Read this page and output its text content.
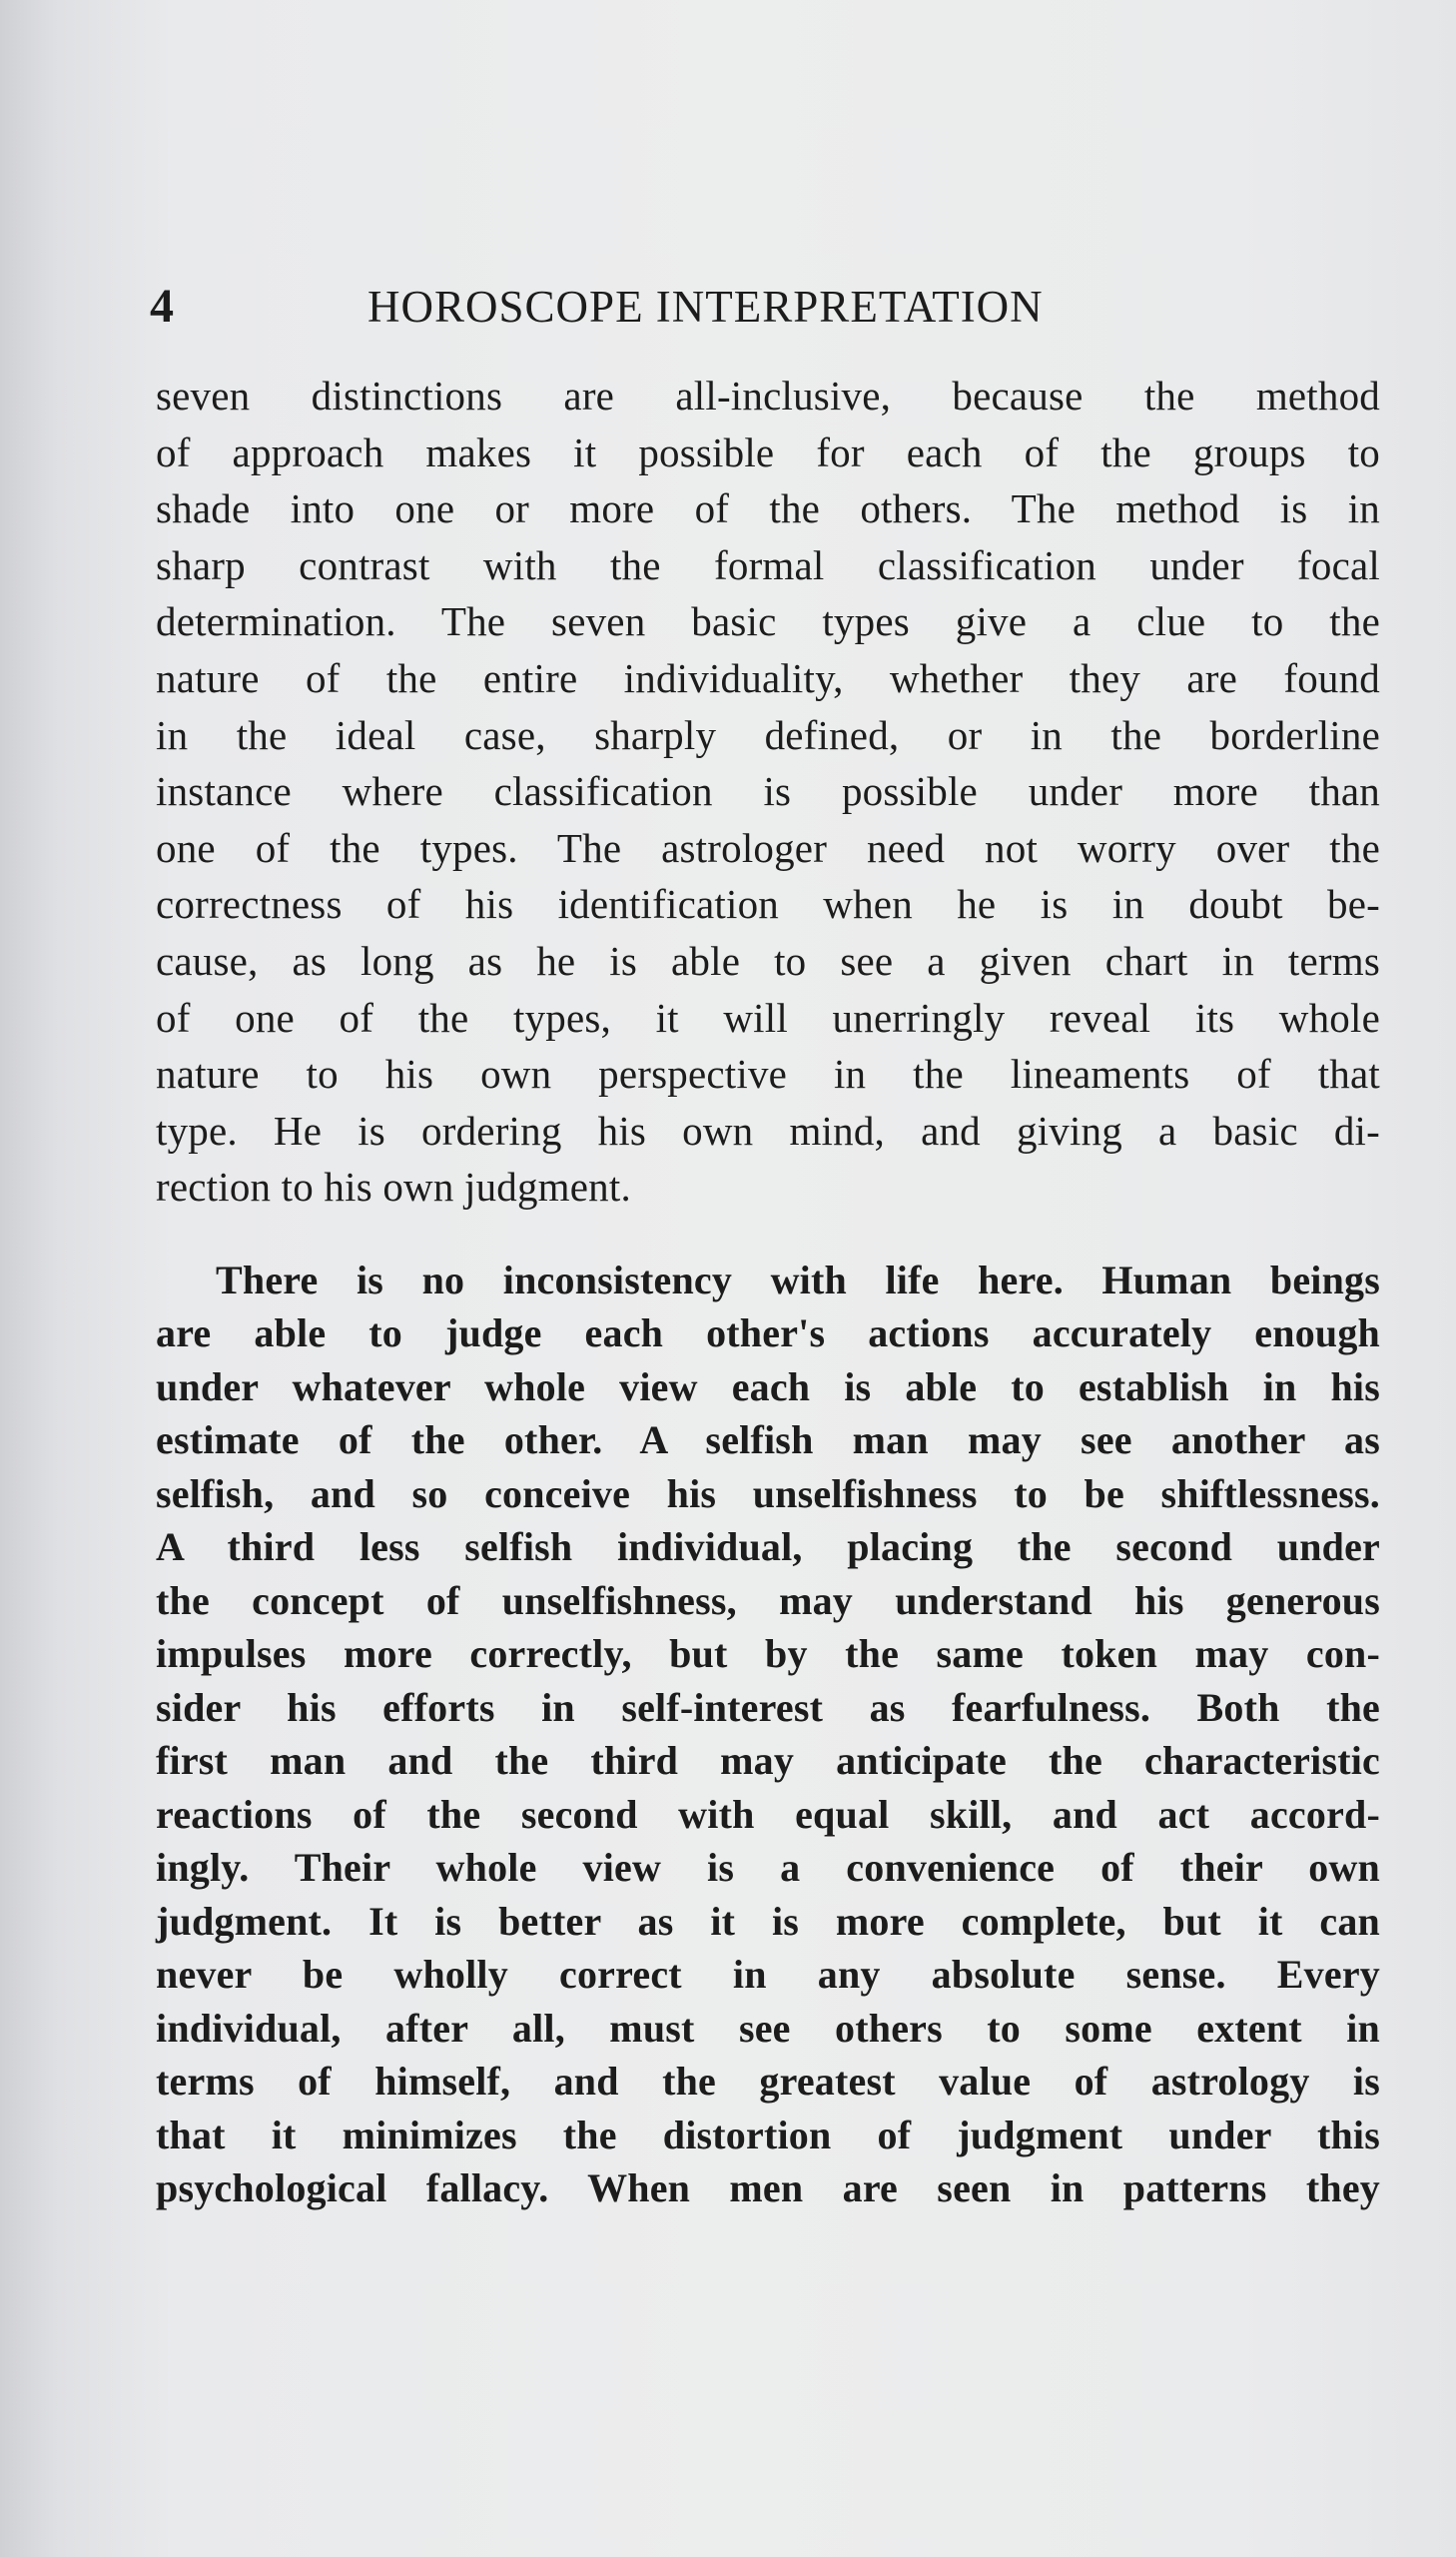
4	HOROSCOPE INTERPRETATION
seven distinctions are all-inclusive, because the method
of approach makes it possible for each of the groups to
shade into one or more of the others. The method is in
sharp contrast with the formal classification under focal
determination. The seven basic types give a clue to the
nature of the entire individuality, whether they are found
in the ideal case, sharply defined, or in the borderline
instance where classification is possible under more than
one of the types. The astrologer need not worry over the
correctness of his identification when he is in doubt be-
cause, as long as he is able to see a given chart in terms
of one of the types, it will unerringly reveal its whole
nature to his own perspective in the lineaments of that
type. He is ordering his own mind, and giving a basic di-
rection to his own judgment.
There is no inconsistency with life here. Human beings
are able to judge each other's actions accurately enough
under whatever whole view each is able to establish in his
estimate of the other. A selfish man may see another as
selfish, and so conceive his unselfishness to be shiftlessness.
A third less selfish individual, placing the second under
the concept of unselfishness, may understand his generous
impulses more correctly, but by the same token may con-
sider his efforts in self-interest as fearfulness. Both the
first man and the third may anticipate the characteristic
reactions of the second with equal skill, and act accord-
ingly. Their whole view is a convenience of their own
judgment. It is better as it is more complete, but it can
never be wholly correct in any absolute sense. Every
individual, after all, must see others to some extent in
terms of himself, and the greatest value of astrology is
that it minimizes the distortion of judgment under this
psychological fallacy. When men are seen in patterns they
